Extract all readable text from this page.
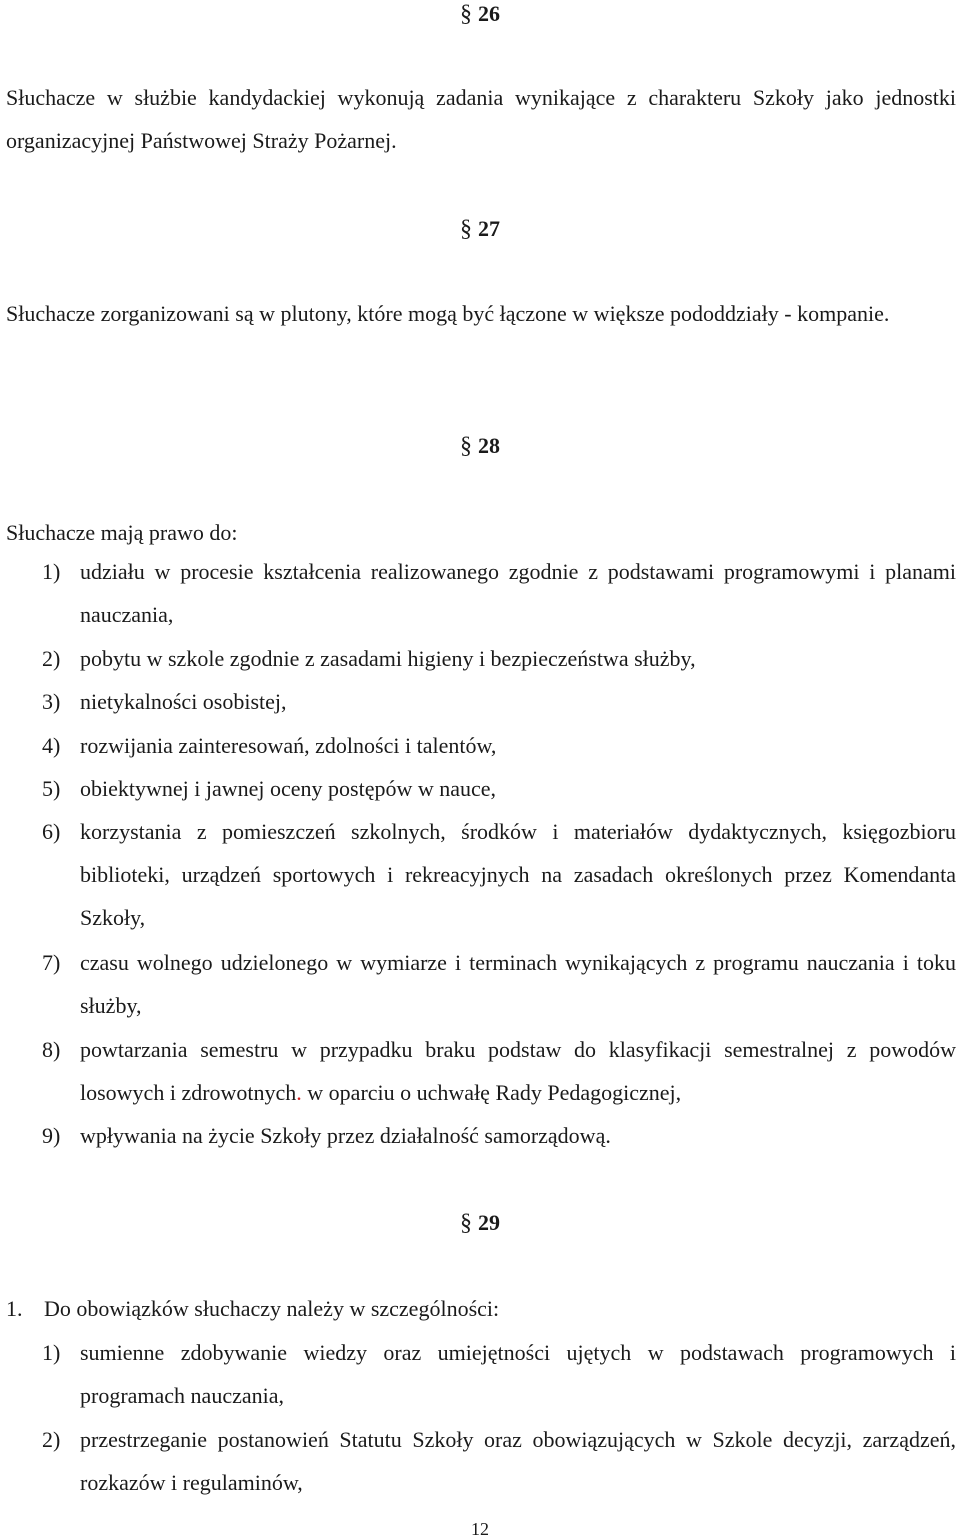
§ 26

Słuchacze w służbie kandydackiej wykonują zadania wynikające z charakteru Szkoły jako jednostki organizacyjnej Państwowej Straży Pożarnej.

§ 27

Słuchacze zorganizowani są w plutony, które mogą być łączone w większe pododdziały - kompanie.

§ 28

Słuchacze mają prawo do:

1) udziału w procesie kształcenia realizowanego zgodnie z podstawami programowymi i planami nauczania,
2) pobytu w szkole zgodnie z zasadami higieny i bezpieczeństwa służby,
3) nietykalności osobistej,
4) rozwijania zainteresowań, zdolności i talentów,
5) obiektywnej i jawnej oceny postępów w nauce,
6) korzystania z pomieszczeń szkolnych, środków i materiałów dydaktycznych, księgozbioru biblioteki, urządzeń sportowych i rekreacyjnych na zasadach określonych przez Komendanta Szkoły,
7) czasu wolnego udzielonego w wymiarze i terminach wynikających z programu nauczania i toku służby,
8) powtarzania semestru w przypadku braku podstaw do klasyfikacji semestralnej z powodów losowych i zdrowotnych. w oparciu o uchwałę Rady Pedagogicznej,
9) wpływania na życie Szkoły przez działalność samorządową.
§ 29
1. Do obowiązków słuchaczy należy w szczególności:
1) sumienne zdobywanie wiedzy oraz umiejętności ujętych w podstawach programowych i programach nauczania,
2) przestrzeganie postanowień Statutu Szkoły oraz obowiązujących w Szkole decyzji, zarządzeń, rozkazów i regulaminów,
12
